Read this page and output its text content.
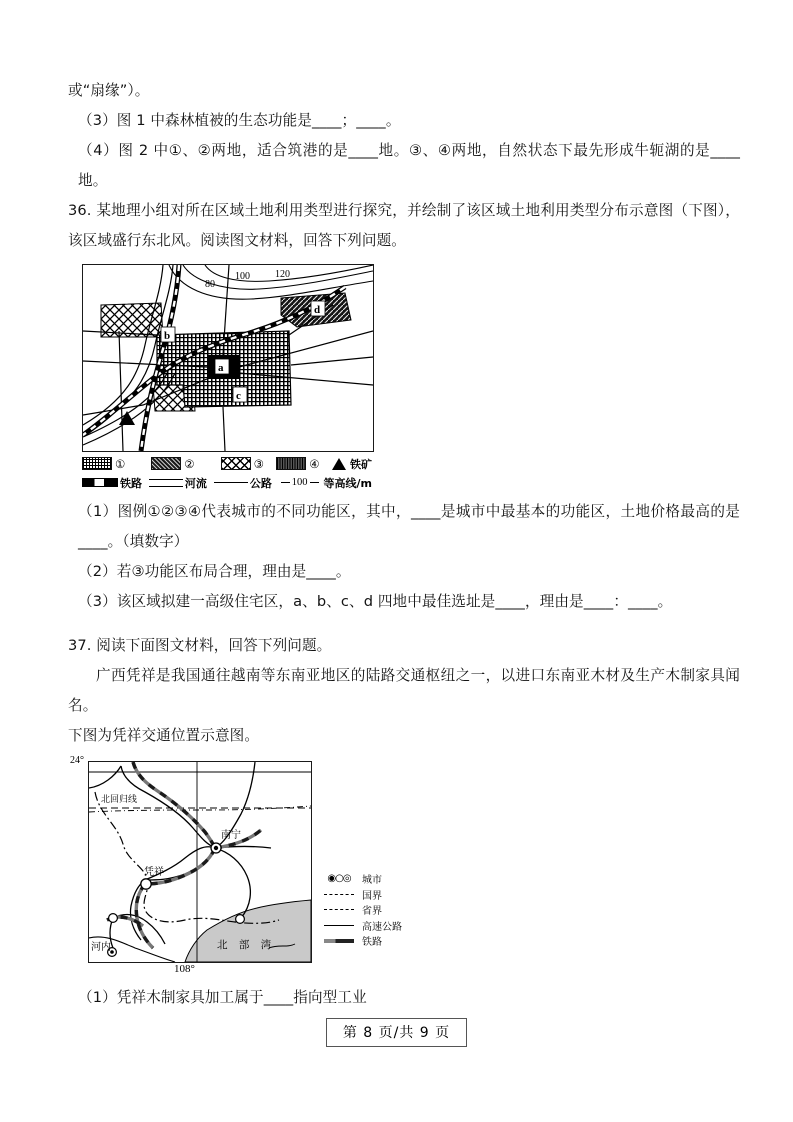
或“扇缘”）。

（3）图 1 中森林植被的生态功能是____；____。

（4）图 2 中①、②两地，适合筑港的是____地。③、④两地，自然状态下最先形成牛轭湖的是____地。

36. 某地理小组对所在区域土地利用类型进行探究，并绘制了该区域土地利用类型分布示意图（下图），该区域盛行东北风。阅读图文材料，回答下列问题。

80
100	120
a
b
c
d
①	②	③	④	铁矿
铁路	河流	公路 100 等高线/m

（1）图例①②③④代表城市的不同功能区，其中，____是城市中最基本的功能区，土地价格最高的是____。（填数字）

（2）若③功能区布局合理，理由是____。

（3）该区域拟建一高级住宅区，a、b、c、d 四地中最佳选址是____，理由是____：____。

37. 阅读下面图文材料，回答下列问题。

广西凭祥是我国通往越南等东南亚地区的陆路交通枢纽之一，以进口东南亚木材及生产木制家具闻名。

下图为凭祥交通位置示意图。

24°
108°
北回归线
南宁
凭祥
河内	北 部 湾
◉○◎	城市
国界
省界
高速公路
铁路

（1）凭祥木制家具加工属于____指向型工业

第 8 页/共 9 页
